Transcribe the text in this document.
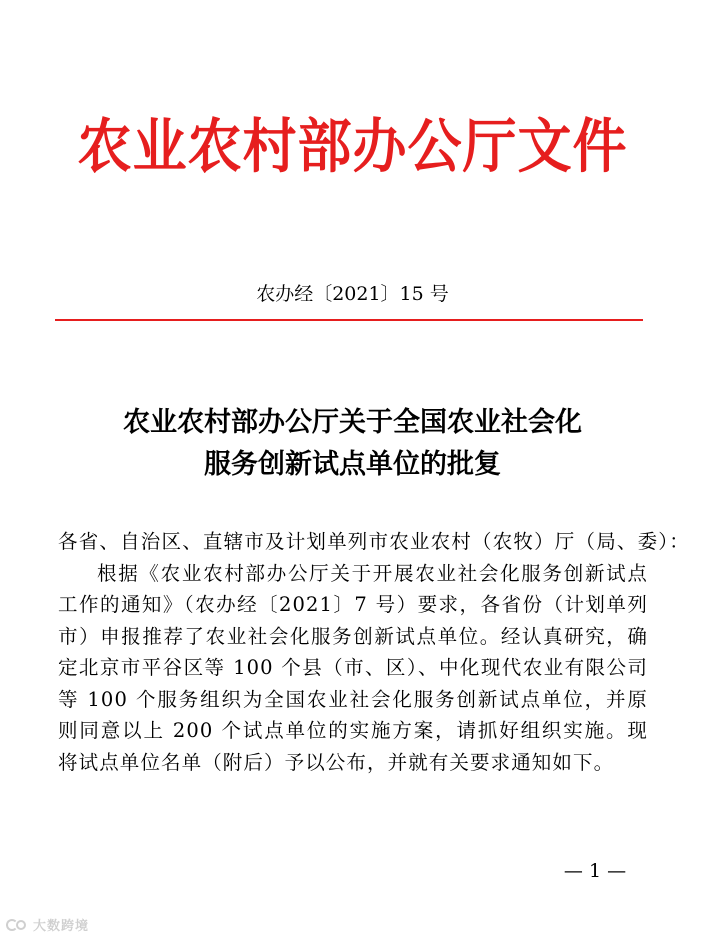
农业农村部办公厅文件
农办经〔2021〕15 号
农业农村部办公厅关于全国农业社会化
服务创新试点单位的批复
各省、自治区、直辖市及计划单列市农业农村（农牧）厅（局、委）：
根据《农业农村部办公厅关于开展农业社会化服务创新试点工作的通知》（农办经〔2021〕7 号）要求，各省份（计划单列市）申报推荐了农业社会化服务创新试点单位。经认真研究，确定北京市平谷区等 100 个县（市、区）、中化现代农业有限公司等 100 个服务组织为全国农业社会化服务创新试点单位，并原则同意以上 200 个试点单位的实施方案，请抓好组织实施。现将试点单位名单（附后）予以公布，并就有关要求通知如下。
— 1 —
大数跨境
